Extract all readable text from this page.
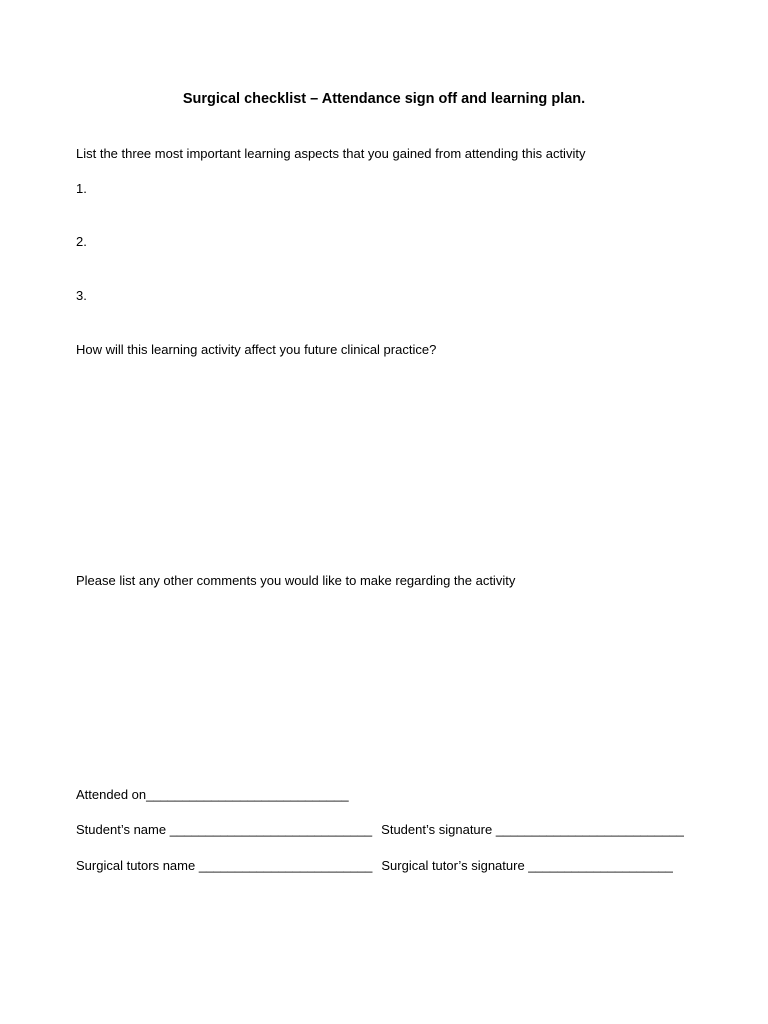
Surgical checklist – Attendance sign off and learning plan.
List the three most important learning aspects that you gained from attending this activity
1.
2.
3.
How will this learning activity affect you future clinical practice?
Please list any other comments you would like to make regarding the activity
Attended on____________________________
Student’s name ____________________________ Student’s signature __________________________
Surgical tutors name ________________________ Surgical tutor’s signature ____________________
